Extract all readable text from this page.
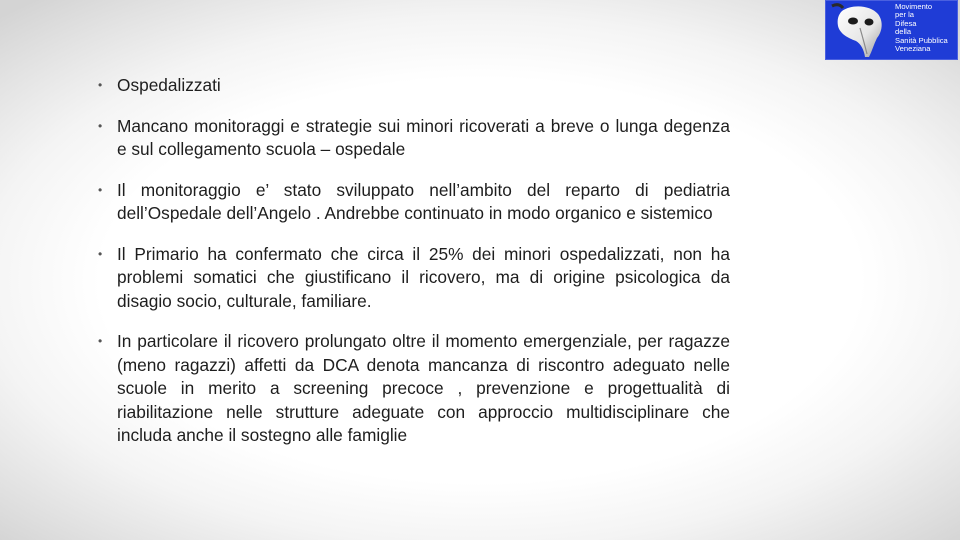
Movimento
per la
Difesa
della
Sanità Pubblica
Veneziana
• Ospedalizzati
• Mancano monitoraggi e strategie sui minori ricoverati a breve o lunga degenza e sul collegamento scuola – ospedale
• Il monitoraggio e’ stato sviluppato nell’ambito del reparto di pediatria dell’Ospedale dell’Angelo . Andrebbe continuato in modo organico e sistemico
• Il Primario ha confermato che circa il 25% dei minori ospedalizzati, non ha problemi somatici che giustificano il ricovero, ma di origine psicologica da disagio socio, culturale, familiare.
• In particolare il ricovero prolungato oltre il momento emergenziale, per ragazze (meno ragazzi) affetti da DCA denota mancanza di riscontro adeguato nelle scuole in merito a screening precoce , prevenzione e progettualità di riabilitazione nelle strutture adeguate con approccio multidisciplinare che includa anche il sostegno alle famiglie
